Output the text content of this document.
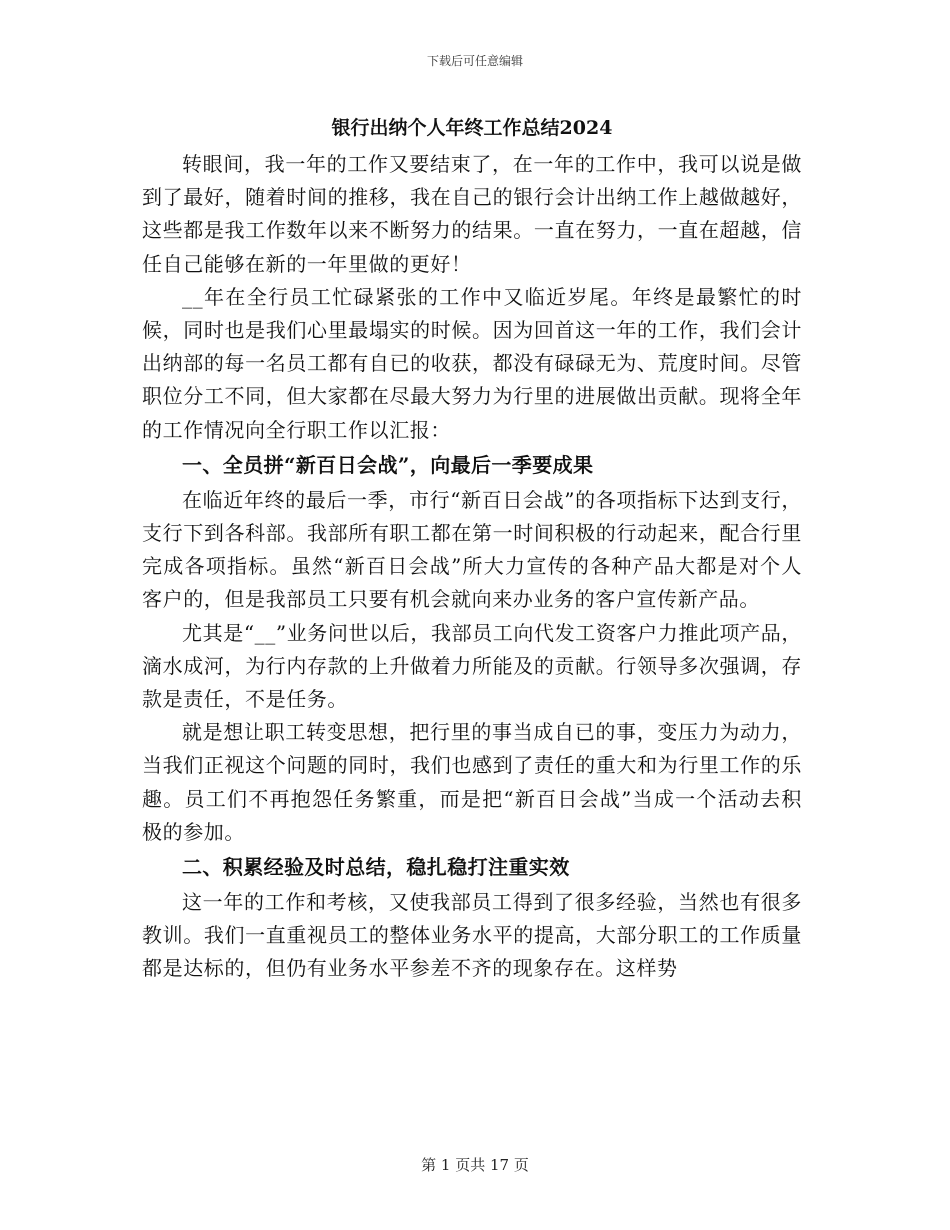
下载后可任意编辑
银行出纳个人年终工作总结2024

转眼间，我一年的工作又要结束了，在一年的工作中，我可以说是做到了最好，随着时间的推移，我在自己的银行会计出纳工作上越做越好，这些都是我工作数年以来不断努力的结果。一直在努力，一直在超越，信任自己能够在新的一年里做的更好！

__年在全行员工忙碌紧张的工作中又临近岁尾。年终是最繁忙的时候，同时也是我们心里最塌实的时候。因为回首这一年的工作，我们会计出纳部的每一名员工都有自已的收获，都没有碌碌无为、荒度时间。尽管职位分工不同，但大家都在尽最大努力为行里的进展做出贡献。现将全年的工作情况向全行职工作以汇报：

一、全员拼“新百日会战”，向最后一季要成果

在临近年终的最后一季，市行“新百日会战”的各项指标下达到支行，支行下到各科部。我部所有职工都在第一时间积极的行动起来，配合行里完成各项指标。虽然“新百日会战”所大力宣传的各种产品大都是对个人客户的，但是我部员工只要有机会就向来办业务的客户宣传新产品。

尤其是“__”业务问世以后，我部员工向代发工资客户力推此项产品，滴水成河，为行内存款的上升做着力所能及的贡献。行领导多次强调，存款是责任，不是任务。

就是想让职工转变思想，把行里的事当成自已的事，变压力为动力，当我们正视这个问题的同时，我们也感到了责任的重大和为行里工作的乐趣。员工们不再抱怨任务繁重，而是把“新百日会战”当成一个活动去积极的参加。

二、积累经验及时总结，稳扎稳打注重实效

这一年的工作和考核，又使我部员工得到了很多经验，当然也有很多教训。我们一直重视员工的整体业务水平的提高，大部分职工的工作质量都是达标的，但仍有业务水平参差不齐的现象存在。这样势

第 1 页共 17 页
